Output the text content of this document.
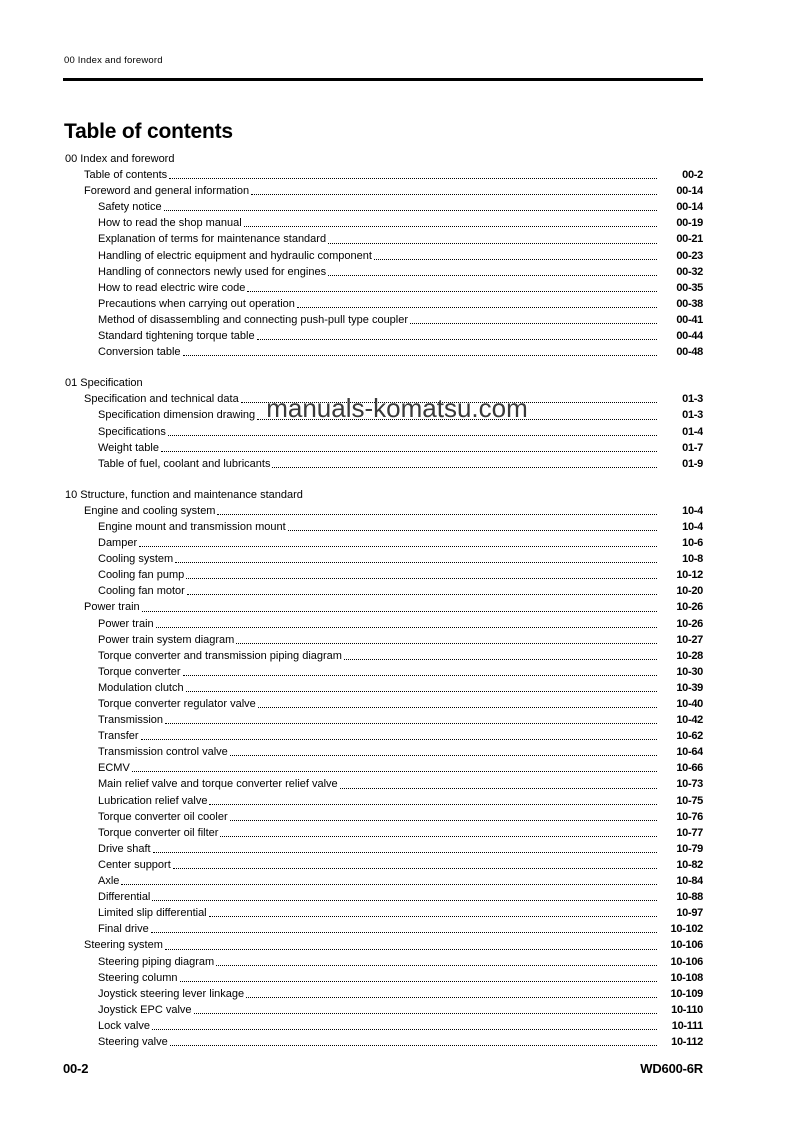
00 Index and foreword
Table of contents
00 Index and foreword
Table of contents	00-2
Foreword and general information	00-14
Safety notice	00-14
How to read the shop manual	00-19
Explanation of terms for maintenance standard	00-21
Handling of electric equipment and hydraulic component	00-23
Handling of connectors newly used for engines	00-32
How to read electric wire code	00-35
Precautions when carrying out operation	00-38
Method of disassembling and connecting push-pull type coupler	00-41
Standard tightening torque table	00-44
Conversion table	00-48
01 Specification
Specification and technical data	01-3
Specification dimension drawing	01-3
Specifications	01-4
Weight table	01-7
Table of fuel, coolant and lubricants	01-9
10 Structure, function and maintenance standard
Engine and cooling system	10-4
Engine mount and transmission mount	10-4
Damper	10-6
Cooling system	10-8
Cooling fan pump	10-12
Cooling fan motor	10-20
Power train	10-26
Power train	10-26
Power train system diagram	10-27
Torque converter and transmission piping diagram	10-28
Torque converter	10-30
Modulation clutch	10-39
Torque converter regulator valve	10-40
Transmission	10-42
Transfer	10-62
Transmission control valve	10-64
ECMV	10-66
Main relief valve and torque converter relief valve	10-73
Lubrication relief valve	10-75
Torque converter oil cooler	10-76
Torque converter oil filter	10-77
Drive shaft	10-79
Center support	10-82
Axle	10-84
Differential	10-88
Limited slip differential	10-97
Final drive	10-102
Steering system	10-106
Steering piping diagram	10-106
Steering column	10-108
Joystick steering lever linkage	10-109
Joystick EPC valve	10-110
Lock valve	10-111
Steering valve	10-112
manuals-komatsu.com
00-2	WD600-6R
